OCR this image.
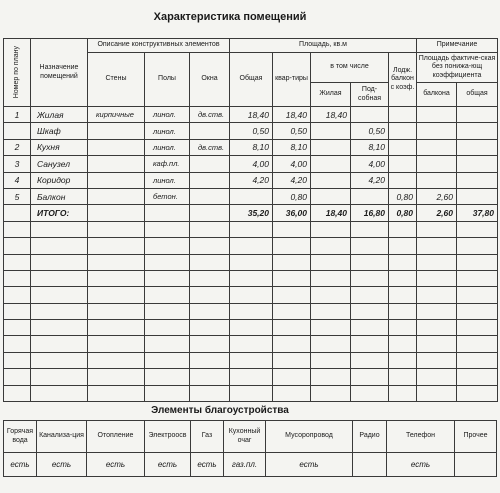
Характеристика помещений
Номер по плану	Назначение помещений	Описание конструктивных элементов			Площадь, кв.м					Примечание	
		Стены	Полы	Окна	Общая	квар-тиры	в том числе		Лодж. балкон с коэф.	Площадь фактиче-ская без понижа-ющ коэффициента	
							Жилая	Под-собная		балкона	общая
1	Жилая	кирпичные	линол.	дв.ств.	18,40	18,40	18,40				
	Шкаф		линол.		0,50	0,50		0,50			
2	Кухня		линол.	дв.ств.	8,10	8,10		8,10			
3	Санузел		каф.пл.		4,00	4,00		4,00			
4	Коридор		линол.		4,20	4,20		4,20			
5	Балкон		бетон.			0,80			0,80	2,60	
	ИТОГО:				35,20	36,00	18,40	16,80	0,80	2,60	37,80

Элементы благоустройства
Горячая вода	Канализа-ция	Отопление	Электроосв	Газ	Кухонный очаг	Мусоропровод	Радио	Телефон	Прочее
есть	есть	есть	есть	есть	газ.пл.	есть		есть	
